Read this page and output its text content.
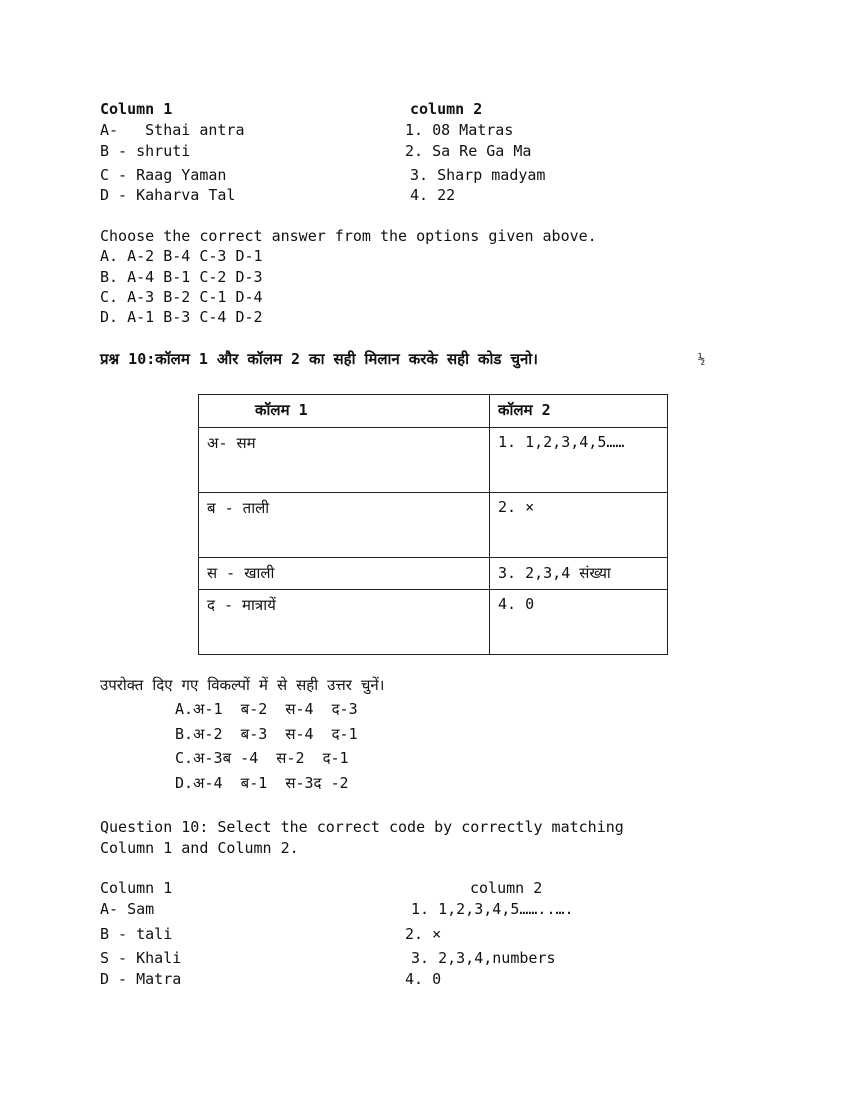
Column 1	column 2
A-   Sthai antra	1. 08 Matras
B - shruti	2. Sa Re Ga Ma
C - Raag Yaman	3. Sharp madyam
D - Kaharva Tal	4. 22
Choose the correct answer from the options given above.
A. A-2 B-4 C-3 D-1
B. A-4 B-1 C-2 D-3
C. A-3 B-2 C-1 D-4
D. A-1 B-3 C-4 D-2
प्रश्न 10:कॉलम 1 और कॉलम 2 का सही मिलान करके सही कोड चुनो।	½
कॉलम 1	कॉलम 2
अ- सम	1. 1,2,3,4,5……
ब - ताली	2. ×
स - खाली	3. 2,3,4 संख्या
द - मात्रायें	4. 0
उपरोक्त दिए गए विकल्पों में से सही उत्तर चुनें।
A.अ-1  ब-2  स-4  द-3
B.अ-2  ब-3  स-4  द-1
C.अ-3ब -4  स-2  द-1
D.अ-4  ब-1  स-3द -2
Question 10: Select the correct code by correctly matching
Column 1 and Column 2.
Column 1	column 2
A- Sam	1. 1,2,3,4,5……..….
B - tali	2. ×
S - Khali	3. 2,3,4,numbers
D - Matra	4. 0
